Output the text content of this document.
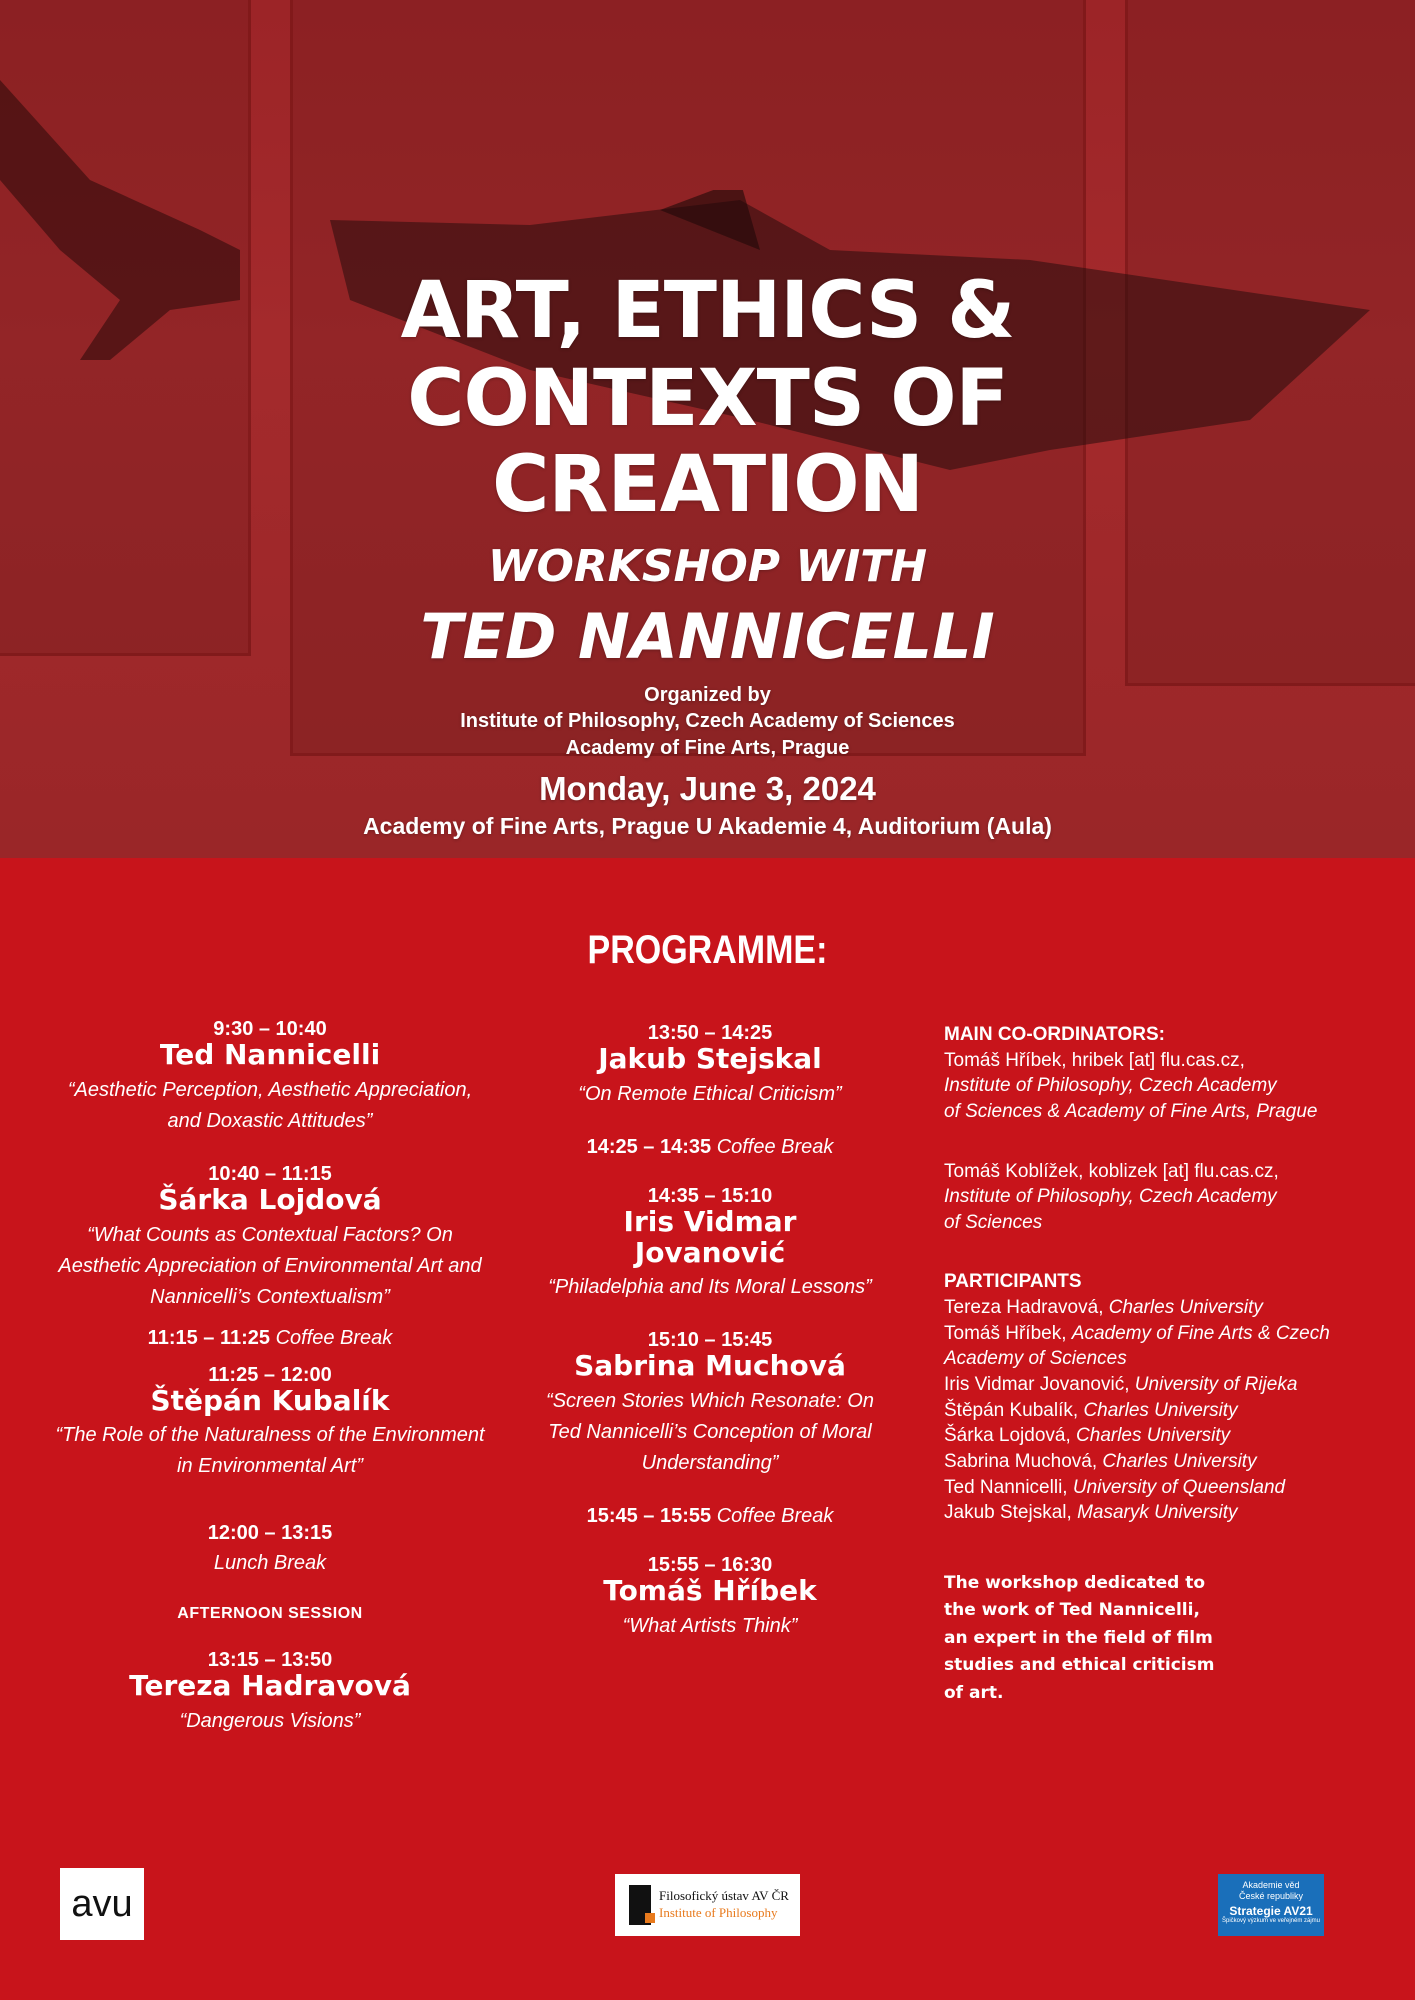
ART, ETHICS &
CONTEXTS OF
CREATION
WORKSHOP WITH
TED NANNICELLI
Organized by
Institute of Philosophy, Czech Academy of Sciences
Academy of Fine Arts, Prague
Monday, June 3, 2024
Academy of Fine Arts, Prague U Akademie 4, Auditorium (Aula)
PROGRAMME:
9:30 – 10:40
Ted Nannicelli
“Aesthetic Perception, Aesthetic Appreciation, and Doxastic Attitudes”
10:40 – 11:15
Šárka Lojdová
“What Counts as Contextual Factors? On Aesthetic Appreciation of Environmental Art and Nannicelli’s Contextualism”
11:15 – 11:25 Coffee Break
11:25 – 12:00
Štěpán Kubalík
“The Role of the Naturalness of the Environment in Environmental Art”
12:00 – 13:15
Lunch Break
AFTERNOON SESSION
13:15 – 13:50
Tereza Hadravová
“Dangerous Visions”
13:50 – 14:25
Jakub Stejskal
“On Remote Ethical Criticism”
14:25 – 14:35 Coffee Break
14:35 – 15:10
Iris Vidmar
Jovanović
“Philadelphia and Its Moral Lessons”
15:10 – 15:45
Sabrina Muchová
“Screen Stories Which Resonate: On Ted Nannicelli’s Conception of Moral Understanding”
15:45 – 15:55 Coffee Break
15:55 – 16:30
Tomáš Hříbek
“What Artists Think”
MAIN CO-ORDINATORS:
Tomáš Hříbek, hribek [at] flu.cas.cz,
Institute of Philosophy, Czech Academy
of Sciences & Academy of Fine Arts, Prague
Tomáš Koblížek, koblizek [at] flu.cas.cz,
Institute of Philosophy, Czech Academy
of Sciences
PARTICIPANTS
Tereza Hadravová, Charles University
Tomáš Hříbek, Academy of Fine Arts & Czech
Academy of Sciences
Iris Vidmar Jovanović, University of Rijeka
Štěpán Kubalík, Charles University
Šárka Lojdová, Charles University
Sabrina Muchová, Charles University
Ted Nannicelli, University of Queensland
Jakub Stejskal, Masaryk University
The workshop dedicated to
the work of Ted Nannicelli,
an expert in the field of film
studies and ethical criticism
of art.
avu	Filosofický ústav AV ČR
Institute of Philosophy
Akademie věd
České republiky
Strategie AV21
Špičkový výzkum ve veřejném zájmu
